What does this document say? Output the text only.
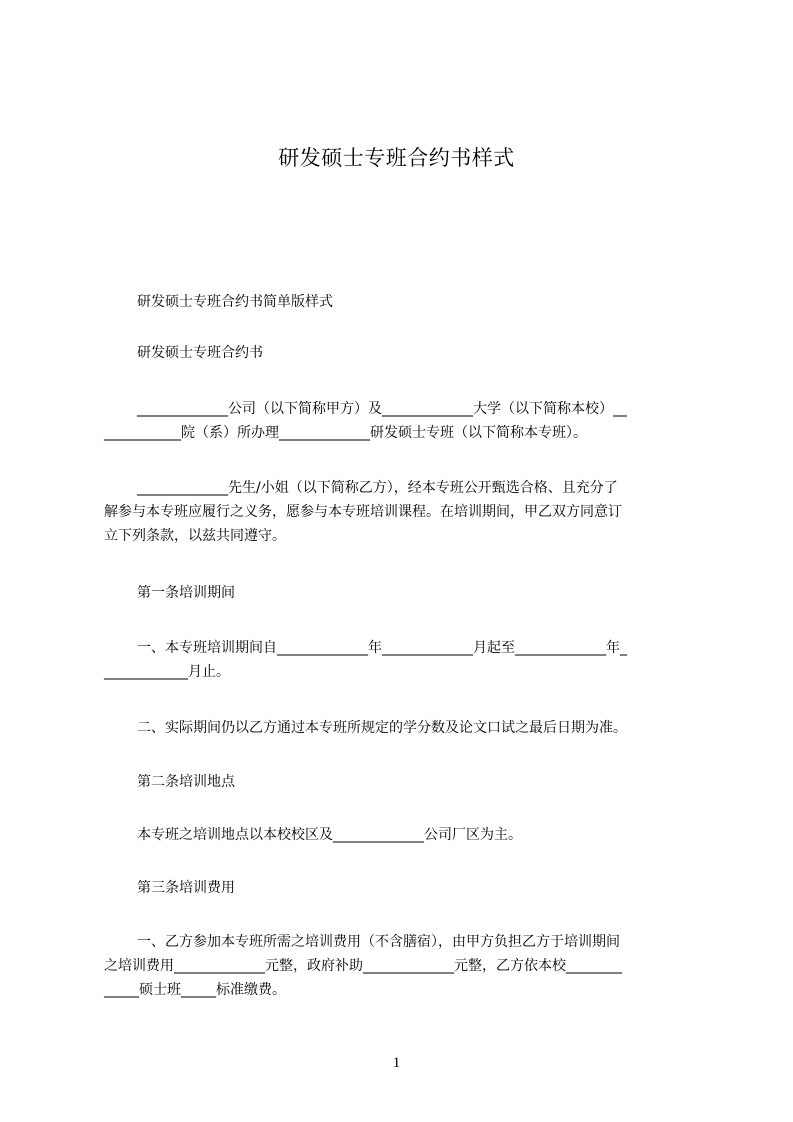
研发硕士专班合约书样式

研发硕士专班合约书简单版样式

研发硕士专班合约书

_____________公司（以下简称甲方）及_____________大学（以下简称本校）__
___________院（系）所办理_____________研发硕士专班（以下简称本专班）。
_____________先生/小姐（以下简称乙方），经本专班公开甄选合格、且充分了
解参与本专班应履行之义务，愿参与本专班培训课程。在培训期间，甲乙双方同意订
立下列条款，以兹共同遵守。

第一条培训期间

一、本专班培训期间自_____________年_____________月起至_____________年_
____________月止。

二、实际期间仍以乙方通过本专班所规定的学分数及论文口试之最后日期为准。

第二条培训地点

本专班之培训地点以本校校区及_____________公司厂区为主。

第三条培训费用

一、乙方参加本专班所需之培训费用（不含膳宿），由甲方负担乙方于培训期间
之培训费用_____________元整，政府补助_____________元整，乙方依本校________
_____硕士班_____标准缴费。
1
